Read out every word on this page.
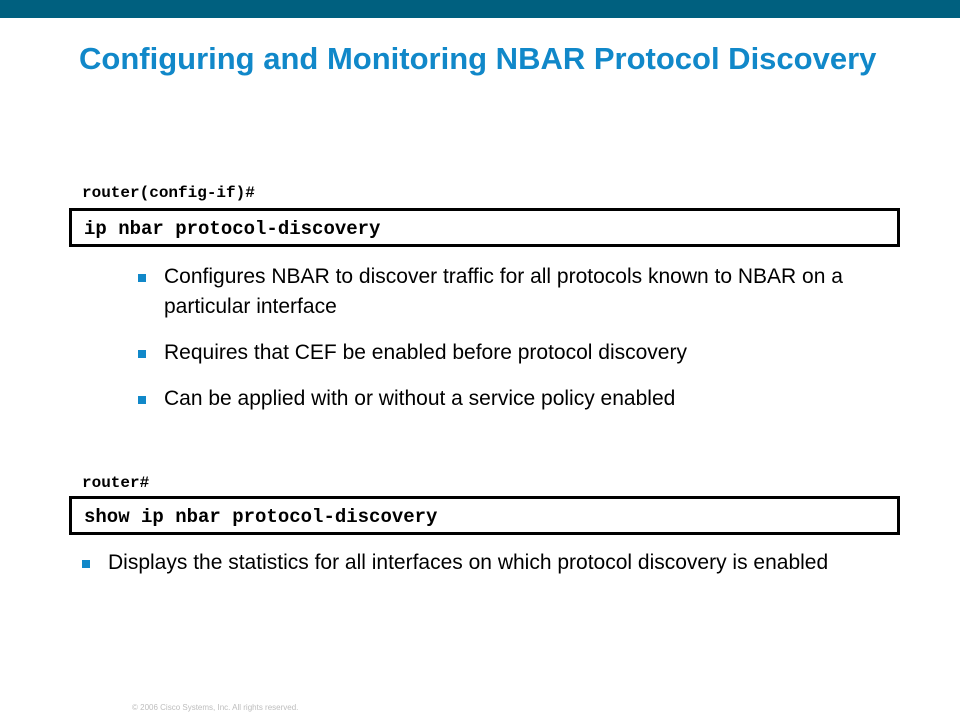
Configuring and Monitoring NBAR Protocol Discovery
router(config-if)#
ip nbar protocol-discovery
Configures NBAR to discover traffic for all protocols known to NBAR on a particular interface
Requires that CEF be enabled before protocol discovery
Can be applied with or without a service policy enabled
router#
show ip nbar protocol-discovery
Displays the statistics for all interfaces on which protocol discovery is enabled
© 2006 Cisco Systems, Inc. All rights reserved.
